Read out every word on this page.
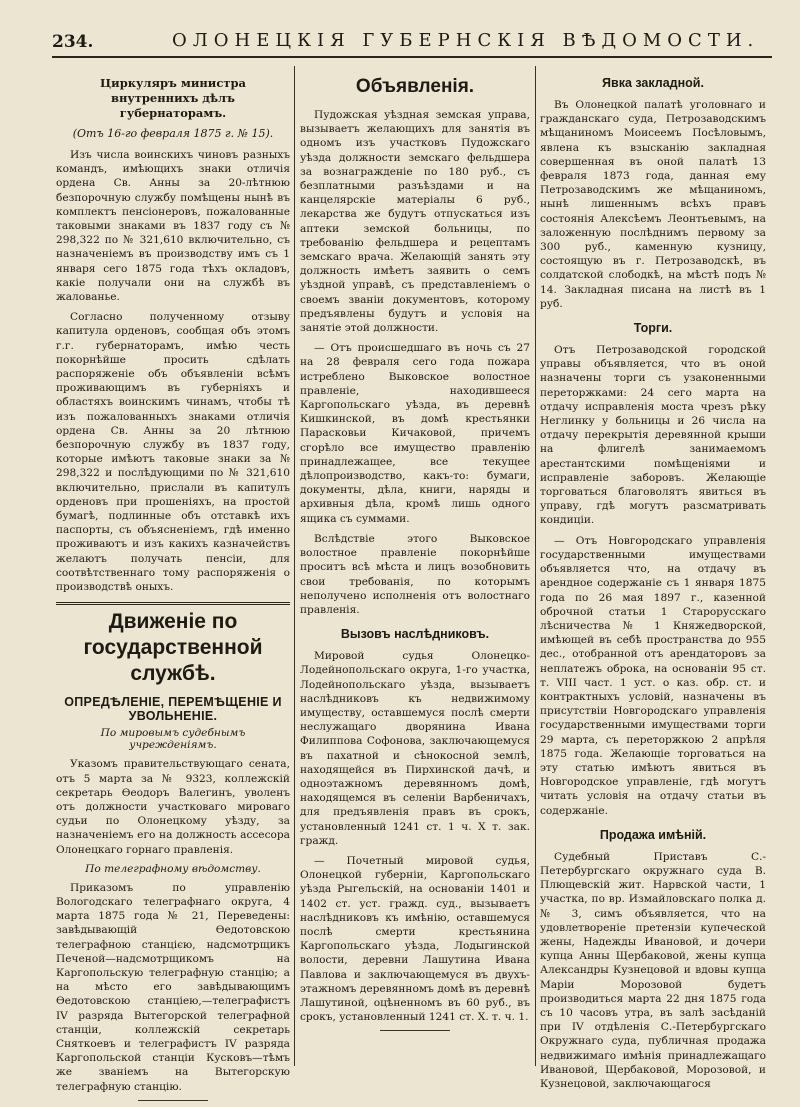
234.	ОЛОНЕЦКІЯ ГУБЕРНСКІЯ ВѢДОМОСТИ.
Циркуляръ министра внутреннихъ дѣлъ губернаторамъ.
(Отъ 16-го февраля 1875 г. № 15).

Изъ числа воинскихъ чиновъ разныхъ командъ, имѣющихъ знаки отличія ордена Св. Анны за 20-лѣтнюю безпорочную службу помѣщены нынѣ въ комплектъ пенсіонеровъ, пожалованные таковыми знаками въ 1837 году съ № 298,322 по № 321,610 включительно, съ назначеніемъ въ производству имъ съ 1 января сего 1875 года тѣхъ окладовъ, какіе получали они на службѣ въ жалованье.

Согласно полученному отзыву капитула орденовъ, сообщая объ этомъ г.г. губернаторамъ, имѣю честь покорнѣйше просить сдѣлать распоряженіе объ объявленіи всѣмъ проживающимъ въ губерніяхъ и областяхъ воинскимъ чинамъ, чтобы тѣ изъ пожалованныхъ знаками отличія ордена Св. Анны за 20 лѣтнюю безпорочную службу въ 1837 году, которые имѣютъ таковые знаки за № 298,322 и послѣдующими по № 321,610 включительно, прислали въ капитулъ орденовъ при прошеніяхъ, на простой бумагѣ, подлинные объ отставкѣ ихъ паспорты, съ объясненіемъ, гдѣ именно проживаютъ и изъ какихъ казначействъ желаютъ получать пенсіи, для соотвѣтственнаго тому распоряженія о производствѣ оныхъ.

Движеніе по государственной службѣ.
ОПРЕДѢЛЕНІЕ, ПЕРЕМѢЩЕНІЕ И УВОЛЬНЕНІЕ.
По мировымъ судебнымъ учрежденіямъ.

Указомъ правительствующаго сената, отъ 5 марта за № 9323, коллежскій секретарь Ѳеодоръ Валегинъ, уволенъ отъ должности участковаго мироваго судьи по Олонецкому уѣзду, за назначеніемъ его на должность ассесора Олонецкаго горнаго правленія.

По телеграфному вѣдомству.

Приказомъ по управленію Вологодскаго телеграфнаго округа, 4 марта 1875 года № 21, Переведены: завѣдывающій Ѳедотовскою телеграфною станцією, надсмотрщикъ Печеной—надсмотрщикомъ на Каргопольскую телеграфную станцію; а на мѣсто его завѣдывающимъ Ѳедотовскою станціею,—телеграфистъ IV разряда Вытегорской телеграфной станціи, коллежскій секретарь Сняткоевъ и телеграфистъ IV разряда Каргопольской станціи Кусковъ—тѣмъ же званіемъ на Вытегорскую телеграфную станцію.

Объявленія.

Пудожская уѣздная земская управа, вызываетъ желающихъ для занятія въ одномъ изъ участковъ Пудожскаго уѣзда должности земскаго фельдшера за вознагражденіе по 180 руб., съ безплатными разъѣздами и на канцелярскіе матеріалы 6 руб., лекарства же будутъ отпускаться изъ аптеки земской больницы, по требованію фельдшера и рецептамъ земскаго врача. Желающій занять эту должность имѣетъ заявить о семъ уѣздной управѣ, съ представленіемъ о своемъ званіи документовъ, которому предъявлены будутъ и условія на занятіе этой должности.

— Отъ происшедшаго въ ночь съ 27 на 28 февраля сего года пожара истреблено Выковское волостное правленіе, находившееся Каргопольскаго уѣзда, въ деревнѣ Кишкинской, въ домѣ крестьянки Парасковьи Кичаковой, причемъ сгорѣло все имущество правленію принадлежащее, все текущее дѣлопроизводство, какъ-то: бумаги, документы, дѣла, книги, наряды и архивныя дѣла, кромѣ лишь одного ящика съ суммами.

Вслѣдствіе этого Выковское волостное правленіе покорнѣйше проситъ всѣ мѣста и лицъ возобновить свои требованія, по которымъ неполучено исполненія отъ волостнаго правленія.

Вызовъ наслѣдниковъ.

Мировой судья Олонецко-Лодейнопольскаго округа, 1-го участка, Лодейнопольскаго уѣзда, вызываетъ наслѣдниковъ къ недвижимому имуществу, оставшемуся послѣ смерти неслужащаго дворянина Ивана Филиппова Софонова, заключающемуся въ пахатной и сѣнокосной землѣ, находящейся въ Пирхинской дачѣ, и одноэтажномъ деревянномъ домѣ, находящемся въ селеніи Варбеничахъ, для предъявленія правъ въ срокъ, установленный 1241 ст. 1 ч. X т. зак. гражд.

— Почетный мировой судья, Олонецкой губерніи, Каргопольскаго уѣзда Рыгельскій, на основаніи 1401 и 1402 ст. уст. гражд. суд., вызываетъ наслѣдниковъ къ имѣнію, оставшемуся послѣ смерти крестьянина Каргопольскаго уѣзда, Лодыгинской волости, деревни Лашутина Ивана Павлова и заключающемуся въ двухъ-этажномъ деревянномъ домѣ въ деревнѣ Лашутиной, оцѣненномъ въ 60 руб., въ срокъ, установленный 1241 ст. X. т. ч. 1.

Явка закладной.

Въ Олонецкой палатѣ уголовнаго и гражданскаго суда, Петрозаводскимъ мѣщаниномъ Моисеемъ Посѣловымъ, явлена къ взысканію закладная совершенная въ оной палатѣ 13 февраля 1873 года, данная ему Петрозаводскимъ же мѣщаниномъ, нынѣ лишеннымъ всѣхъ правъ состоянія Алексѣемъ Леонтьевымъ, на заложенную послѣднимъ первому за 300 руб., каменную кузницу, состоящую въ г. Петрозаводскѣ, въ солдатской слободкѣ, на мѣстѣ подъ № 14. Закладная писана на листѣ въ 1 руб.

Торги.

Отъ Петрозаводской городской управы объявляется, что въ оной назначены торги съ узаконенными переторжками: 24 сего марта на отдачу исправленія моста чрезъ рѣку Неглинку у больницы и 26 числа на отдачу перекрытія деревянной крыши на флигелѣ занимаемомъ арестантскими помѣщеніями и исправленіе заборовъ. Желающіе торговаться благоволятъ явиться въ управу, гдѣ могутъ разсматривать кондиціи.

— Отъ Новгородскаго управленія государственными имуществами объявляется что, на отдачу въ арендное содержаніе съ 1 января 1875 года по 26 мая 1897 г., казенной оброчной статьи 1 Старорусскаго лѣсничества № 1 Княжедворской, имѣющей въ себѣ пространства до 955 дес., отобранной отъ арендаторовъ за неплатежъ оброка, на основаніи 95 ст. т. VIII част. 1 уст. о каз. обр. ст. и контрактныхъ условій, назначены въ присутствіи Новгородскаго управленія государственными имуществами торги 29 марта, съ переторжкою 2 апрѣля 1875 года. Желающіе торговаться на эту статью имѣютъ явиться въ Новгородское управленіе, гдѣ могутъ читать условія на отдачу статьи въ содержаніе.

Продажа имѣній.

Судебный Приставъ С.-Петербургскаго окружнаго суда В. Плющевскій жит. Нарвской части, 1 участка, по вр. Измайловскаго полка д. № 3, симъ объявляется, что на удовлетвореніе претензіи купеческой жены, Надежды Ивановой, и дочери купца Анны Щербаковой, жены купца Александры Кузнецовой и вдовы купца Маріи Морозовой будетъ производиться марта 22 дня 1875 года съ 10 часовъ утра, въ залѣ засѣданій при IV отдѣленія С.-Петербургскаго Окружнаго суда, публичная продажа недвижимаго имѣнія принадлежащаго Ивановой, Щербаковой, Морозовой, и Кузнецовой, заключающагося
